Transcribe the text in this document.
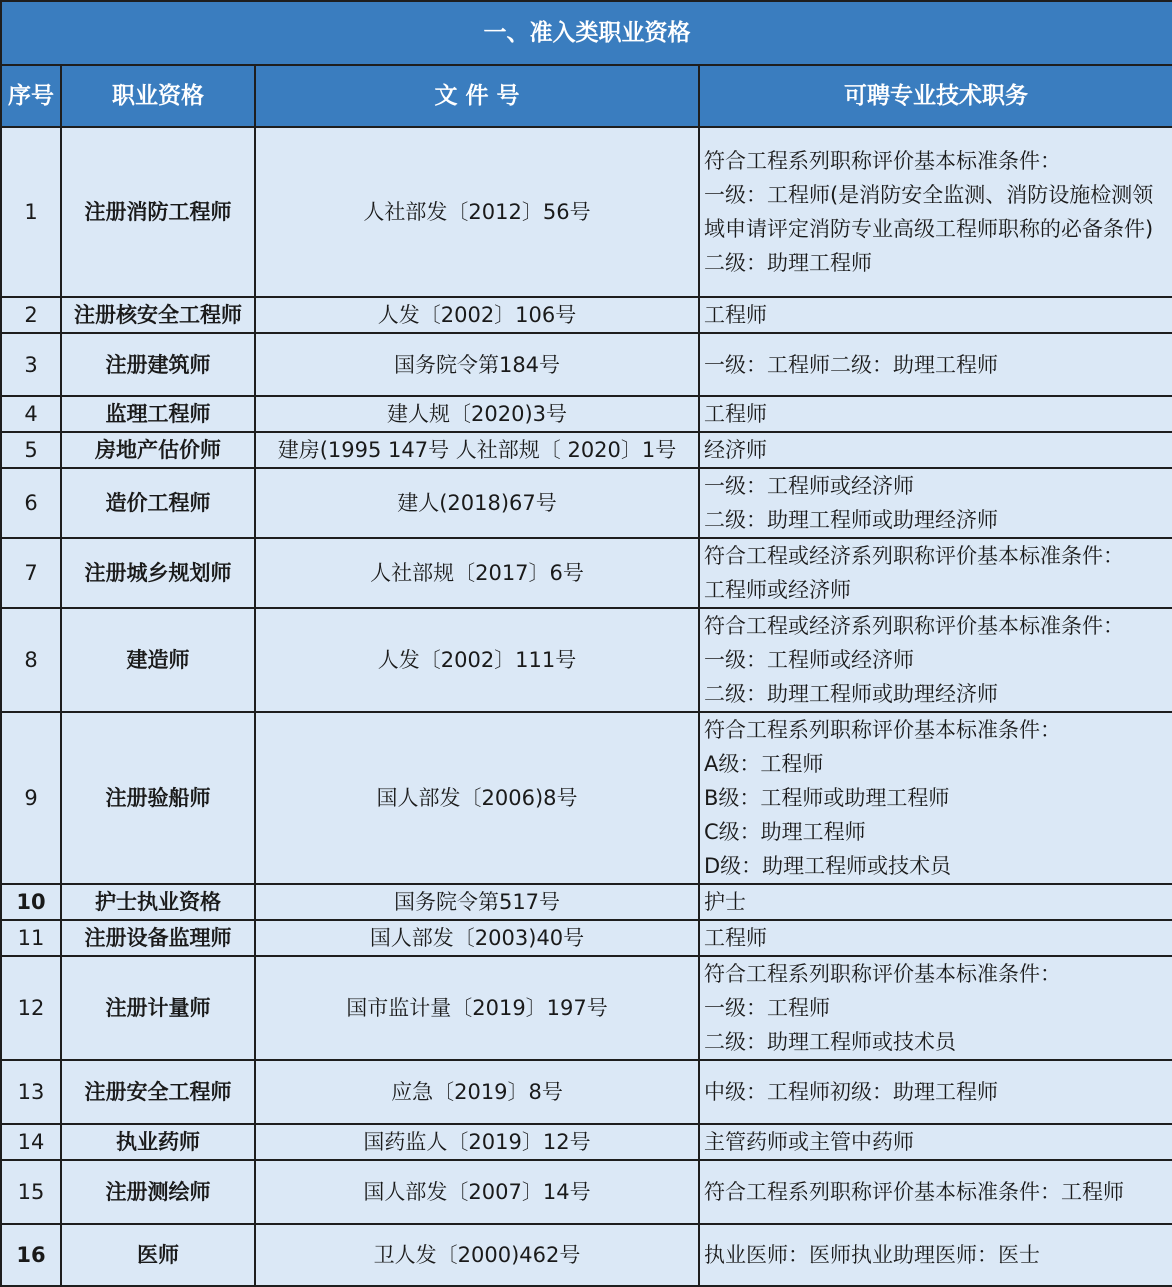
一、准入类职业资格			
序号	职业资格	文 件 号	可聘专业技术职务
1	注册消防工程师	人社部发〔2012〕56号	符合工程系列职称评价基本标准条件：
一级：工程师(是消防安全监测、消防设施检测领域申请评定消防专业高级工程师职称的必备条件)
二级：助理工程师

2	注册核安全工程师	人发〔2002〕106号	工程师

3	注册建筑师	国务院令第184号	一级：工程师二级：助理工程师

4	监理工程师	建人规〔2020)3号	工程师

5	房地产估价师	建房(1995 147号 人社部规〔 2020〕1号	经济师

6	造价工程师	建人(2018)67号	一级：工程师或经济师
二级：助理工程师或助理经济师

7	注册城乡规划师	人社部规〔2017〕6号	符合工程或经济系列职称评价基本标准条件：
工程师或经济师

8	建造师	人发〔2002〕111号	符合工程或经济系列职称评价基本标准条件：
一级：工程师或经济师
二级：助理工程师或助理经济师

9	注册验船师	国人部发〔2006)8号	符合工程系列职称评价基本标准条件：
A级：工程师
B级：工程师或助理工程师
C级：助理工程师
D级：助理工程师或技术员

10	护士执业资格	国务院令第517号	护士

11	注册设备监理师	国人部发〔2003)40号	工程师

12	注册计量师	国市监计量〔2019〕197号	符合工程系列职称评价基本标准条件：
一级：工程师
二级：助理工程师或技术员

13	注册安全工程师	应急〔2019〕8号	中级：工程师初级：助理工程师

14	执业药师	国药监人〔2019〕12号	主管药师或主管中药师

15	注册测绘师	国人部发〔2007〕14号	符合工程系列职称评价基本标准条件：工程师

16	医师	卫人发〔2000)462号	执业医师：医师执业助理医师：医士
